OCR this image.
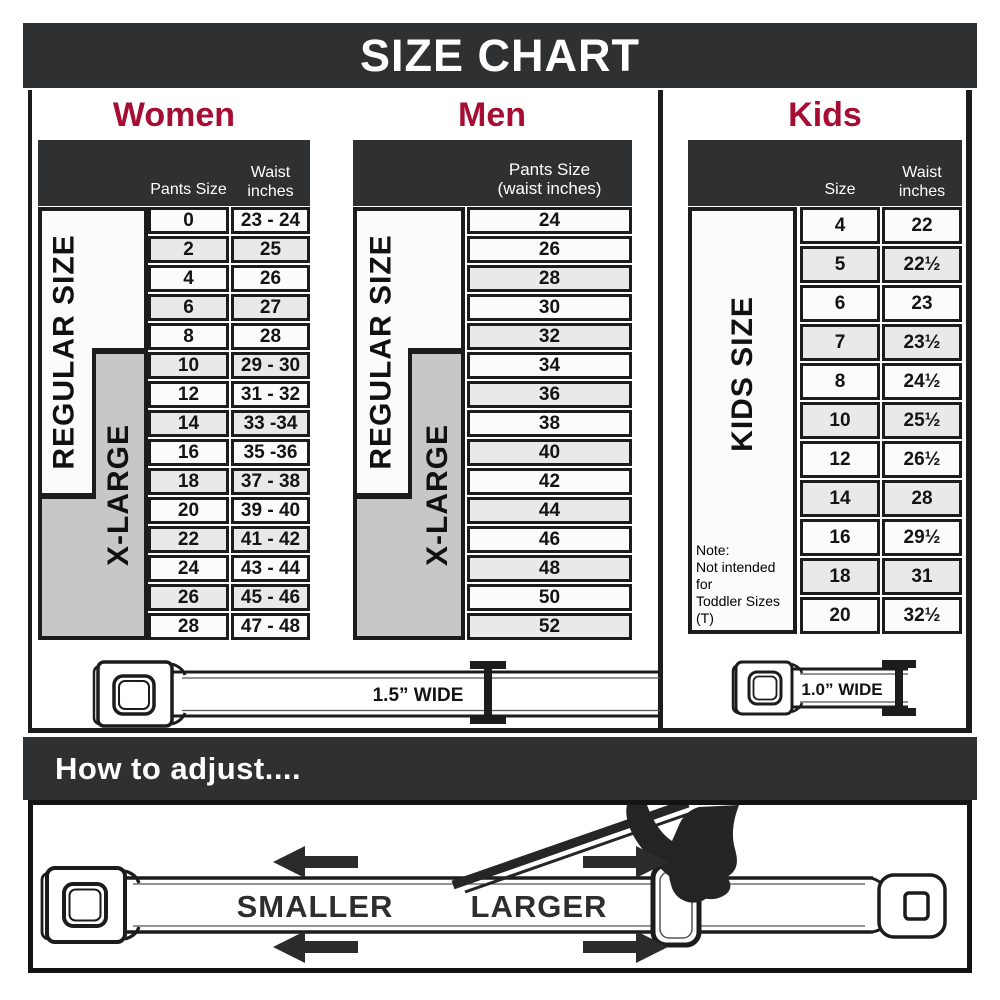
SIZE CHART
Women	Men	Kids
Pants Size
Waist
inches
REGULAR SIZE
X-LARGE
0	23 - 24
2	25
4	26
6	27
8	28
10	29 - 30
12	31 - 32
14	33 -34
16	35 -36
18	37 - 38
20	39 - 40
22	41 - 42
24	43 - 44
26	45 - 46
28	47 - 48
Pants Size
(waist inches)
REGULAR SIZE
X-LARGE
24
26
28
30
32
34
36
38
40
42
44
46
48
50
52
Size
Waist
inches
KIDS SIZE
Note:
Not intended for
Toddler Sizes (T)
4	22
5	22½
6	23
7	23½
8	24½
10	25½
12	26½
14	28
16	29½
18	31
20	32½
1.5” WIDE	1.0” WIDE
How to adjust....
SMALLER LARGER
